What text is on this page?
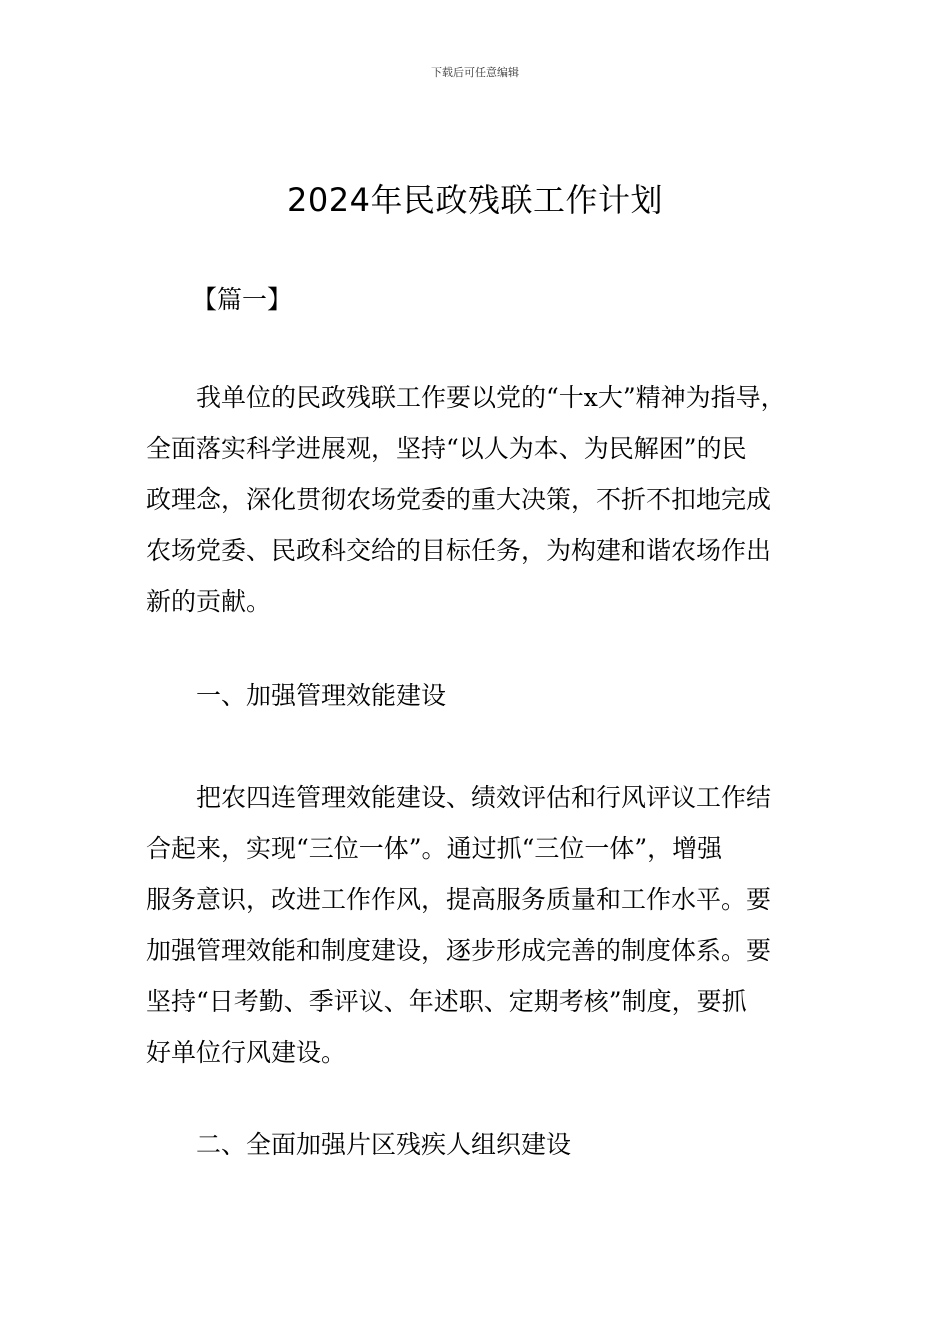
下载后可任意编辑
2024年民政残联工作计划
【篇一】
我单位的民政残联工作要以党的“十x大”精神为指导，
全面落实科学进展观，坚持“以人为本、为民解困”的民
政理念，深化贯彻农场党委的重大决策，不折不扣地完成
农场党委、民政科交给的目标任务，为构建和谐农场作出
新的贡献。
一、加强管理效能建设
把农四连管理效能建设、绩效评估和行风评议工作结
合起来，实现“三位一体”。通过抓“三位一体”，增强
服务意识，改进工作作风，提高服务质量和工作水平。要
加强管理效能和制度建设，逐步形成完善的制度体系。要
坚持“日考勤、季评议、年述职、定期考核”制度，要抓
好单位行风建设。
二、全面加强片区残疾人组织建设
